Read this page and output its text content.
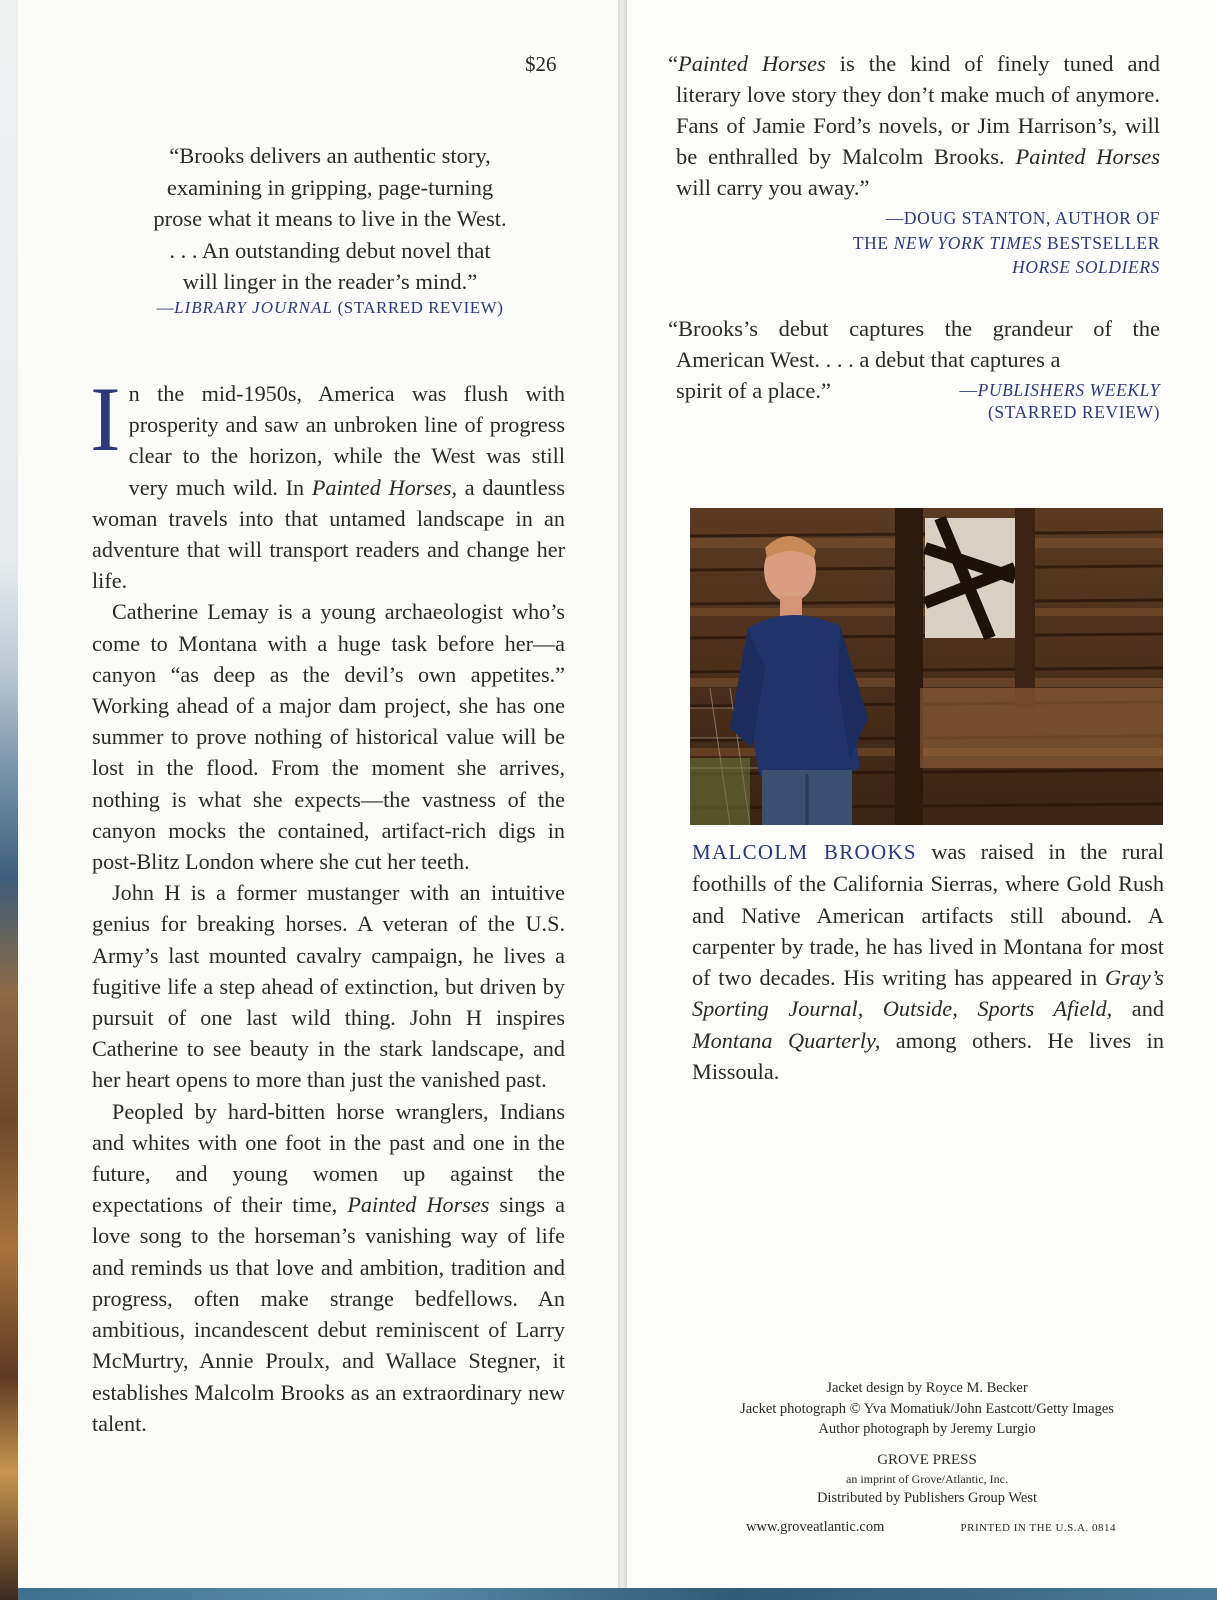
$26
“Brooks delivers an authentic story,
examining in gripping, page-turning
prose what it means to live in the West.
. . . An outstanding debut novel that
will linger in the reader’s mind.”
—LIBRARY JOURNAL (STARRED REVIEW)

In the mid-1950s, America was flush with prosperity and saw an unbroken line of progress clear to the horizon, while the West was still very much wild. In Painted Horses, a dauntless woman travels into that untamed landscape in an adventure that will transport readers and change her life.

Catherine Lemay is a young archaeologist who’s come to Montana with a huge task before her—a canyon “as deep as the devil’s own appetites.” Working ahead of a major dam project, she has one summer to prove nothing of historical value will be lost in the flood. From the moment she arrives, nothing is what she expects—the vastness of the canyon mocks the contained, artifact-rich digs in post-Blitz London where she cut her teeth.

John H is a former mustanger with an intuitive genius for breaking horses. A veteran of the U.S. Army’s last mounted cavalry campaign, he lives a fugitive life a step ahead of extinction, but driven by pursuit of one last wild thing. John H inspires Catherine to see beauty in the stark landscape, and her heart opens to more than just the vanished past.

Peopled by hard-bitten horse wranglers, Indians and whites with one foot in the past and one in the future, and young women up against the expectations of their time, Painted Horses sings a love song to the horseman’s vanishing way of life and reminds us that love and ambition, tradition and progress, often make strange bedfellows. An ambitious, incandescent debut reminiscent of Larry McMurtry, Annie Proulx, and Wallace Stegner, it establishes Malcolm Brooks as an extraordinary new talent.

“Painted Horses is the kind of finely tuned and literary love story they don’t make much of anymore. Fans of Jamie Ford’s novels, or Jim Harrison’s, will be enthralled by Malcolm Brooks. Painted Horses will carry you away.”
—DOUG STANTON, AUTHOR OF
THE NEW YORK TIMES BESTSELLER
HORSE SOLDIERS
“Brooks’s debut captures the grandeur of the American West. . . . a debut that captures a
spirit of a place.”	—PUBLISHERS WEEKLY
(STARRED REVIEW)
MALCOLM BROOKS was raised in the rural foothills of the California Sierras, where Gold Rush and Native American artifacts still abound. A carpenter by trade, he has lived in Montana for most of two decades. His writing has appeared in Gray’s Sporting Journal, Outside, Sports Afield, and Montana Quarterly, among others. He lives in Missoula.
Jacket design by Royce M. Becker
Jacket photograph © Yva Momatiuk/John Eastcott/Getty Images
Author photograph by Jeremy Lurgio
GROVE PRESS
an imprint of Grove/Atlantic, Inc.
Distributed by Publishers Group West
www.groveatlantic.com	PRINTED IN THE U.S.A. 0814
